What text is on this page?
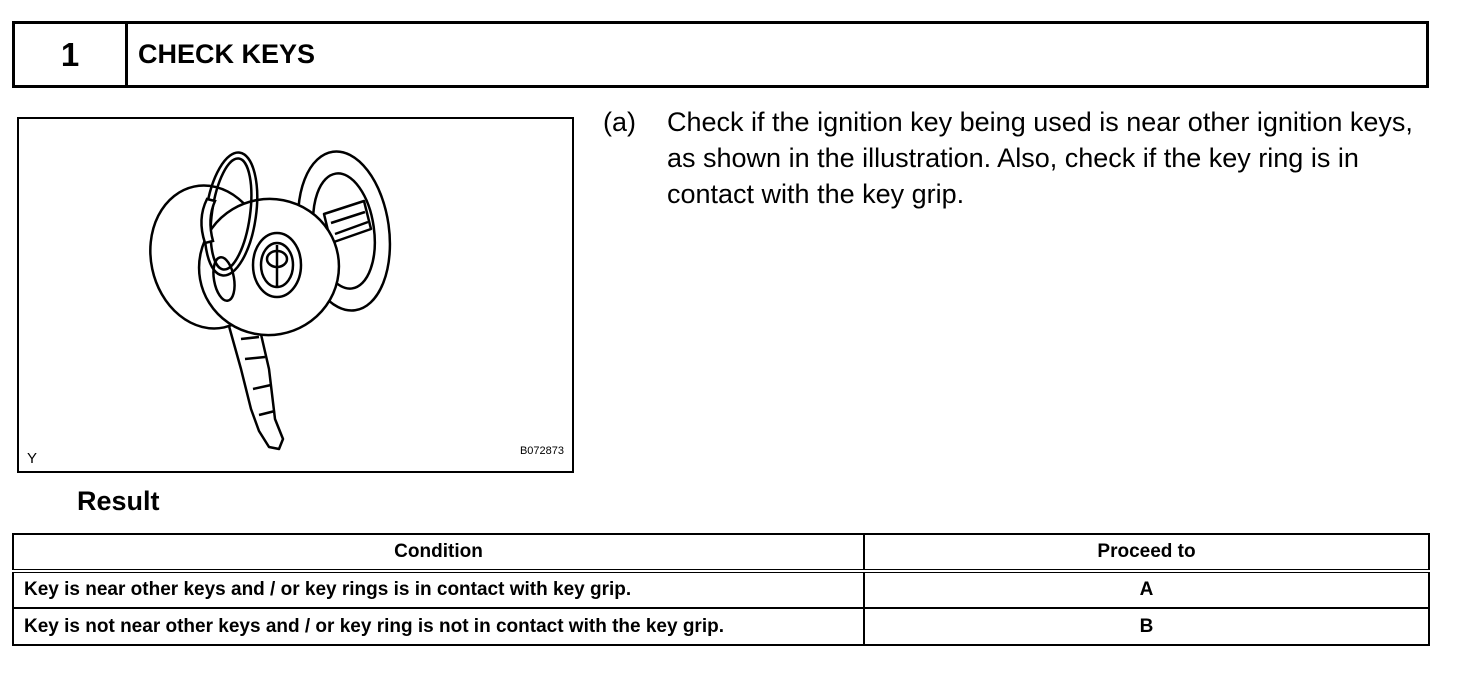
1	CHECK KEYS
Y	B072873
(a)	Check if the ignition key being used is near other ignition keys, as shown in the illustration. Also, check if the key ring is in contact with the key grip.
Result
Condition	Proceed to
Key is near other keys and / or key rings is in contact with key grip.	A
Key is not near other keys and / or key ring is not in contact with the key grip.	B
